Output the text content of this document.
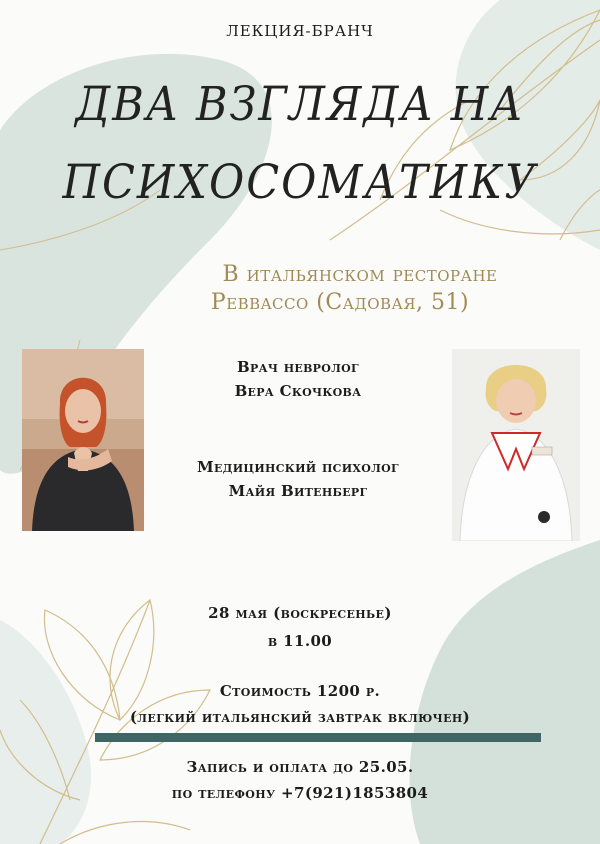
ЛЕКЦИЯ-БРАНЧ
ДВА ВЗГЛЯДА НА
ПСИХОСОМАТИКУ
В итальянском ресторане
Pebbacco (Садовая, 51)
Врач невролог
Вера Скочкова
Медицинский психолог
Майя Витенберг
28 мая (воскресенье)
в 11.00
Стоимость 1200 р.
(легкий итальянский завтрак включен)
Запись и оплата до 25.05.
по телефону +7(921)1853804
